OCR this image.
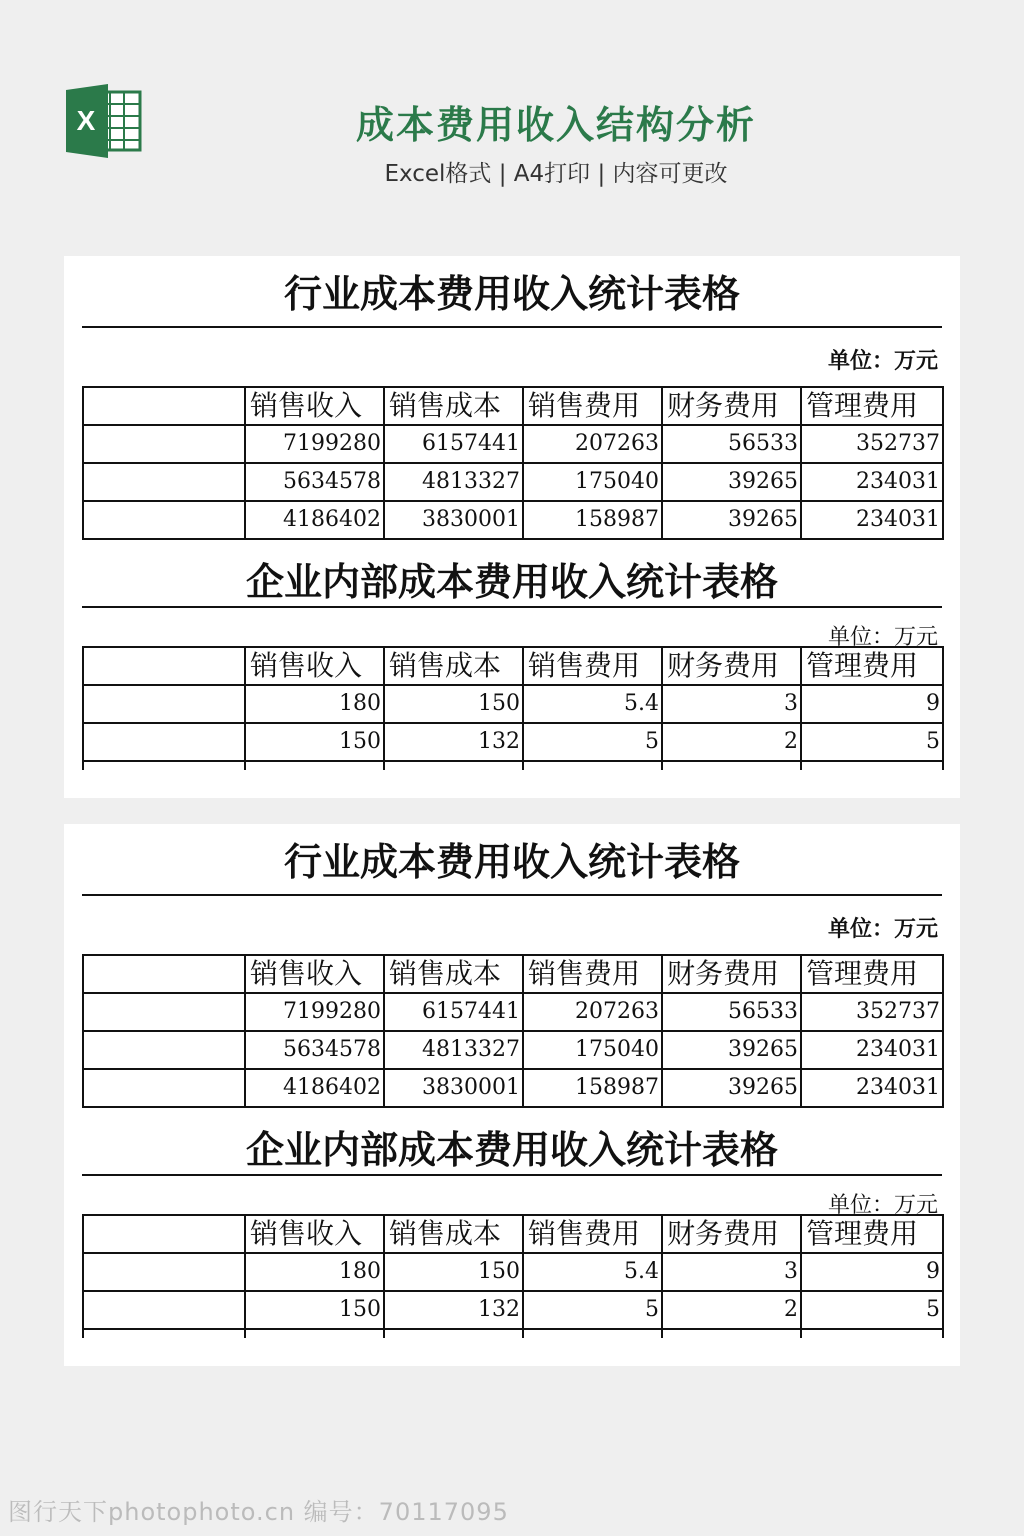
X	成本费用收入结构分析
Excel格式 | A4打印 | 内容可更改
行业成本费用收入统计表格
单位：万元
	销售收入	销售成本	销售费用	财务费用	管理费用
	7199280	6157441	207263	56533	352737
	5634578	4813327	175040	39265	234031
	4186402	3830001	158987	39265	234031
企业内部成本费用收入统计表格
单位：万元
	销售收入	销售成本	销售费用	财务费用	管理费用
	180	150	5.4	3	9
	150	132	5	2	5

行业成本费用收入统计表格
单位：万元
	销售收入	销售成本	销售费用	财务费用	管理费用
	7199280	6157441	207263	56533	352737
	5634578	4813327	175040	39265	234031
	4186402	3830001	158987	39265	234031
企业内部成本费用收入统计表格
单位：万元
	销售收入	销售成本	销售费用	财务费用	管理费用
	180	150	5.4	3	9
	150	132	5	2	5

图行天下photophoto.cn 编号：70117095
